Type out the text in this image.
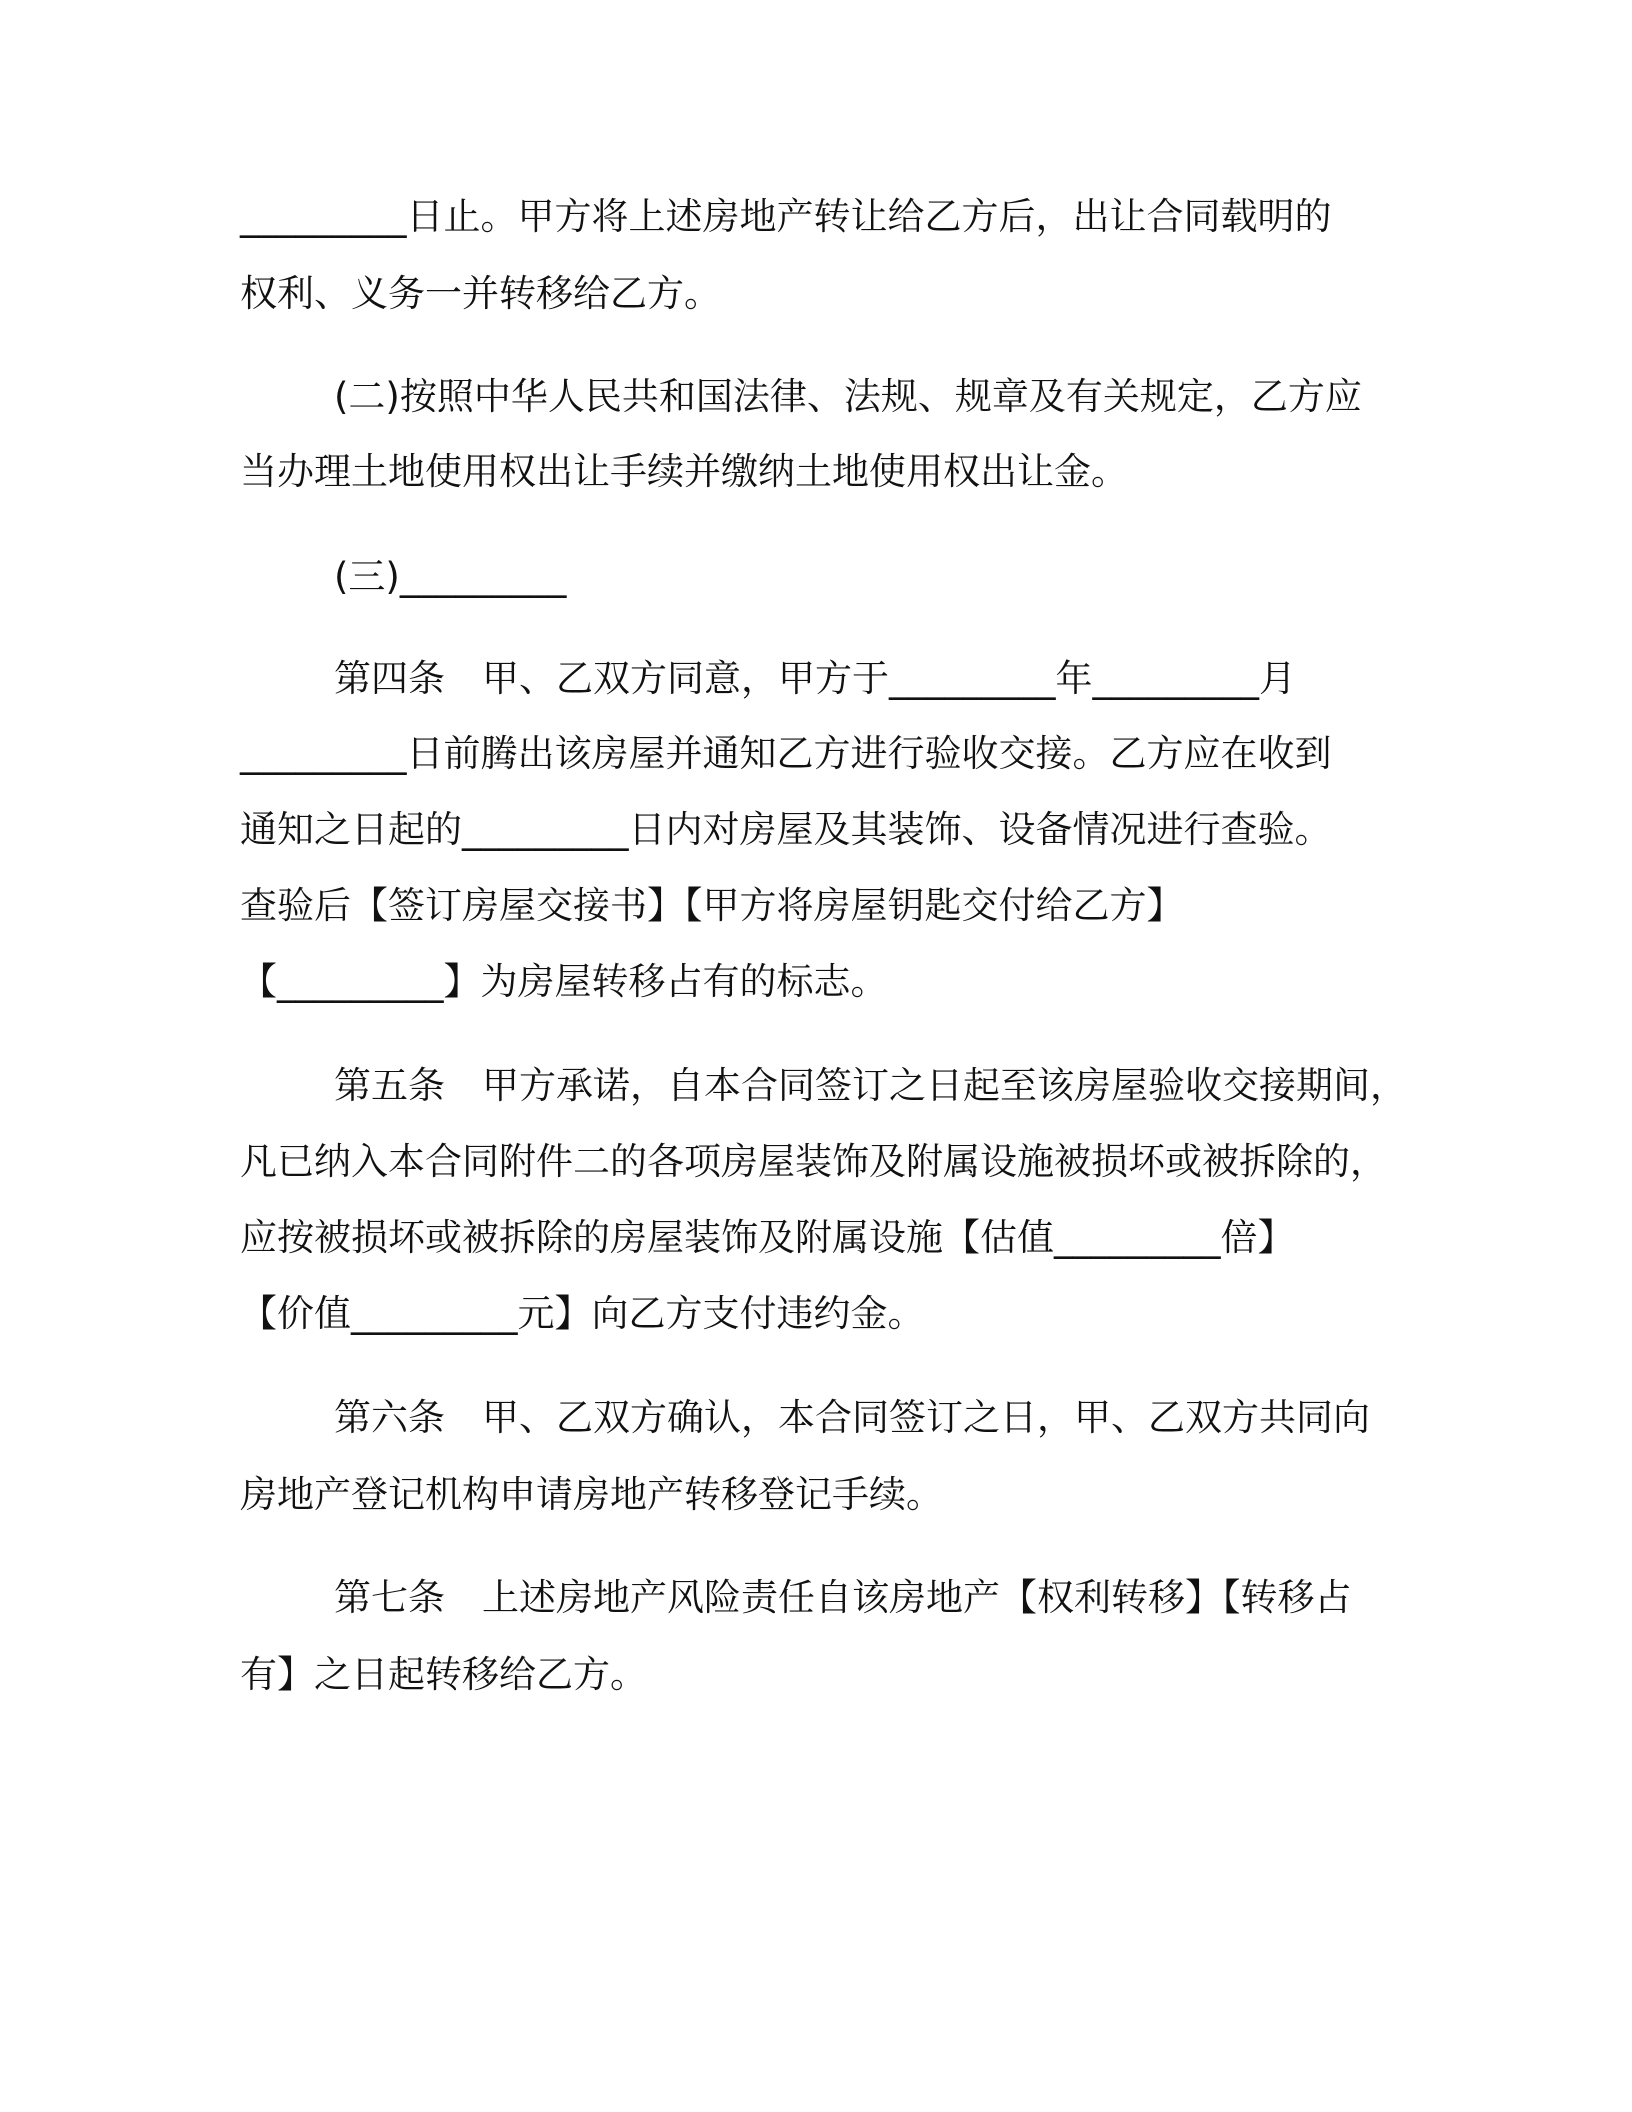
_________日止。甲方将上述房地产转让给乙方后，出让合同载明的
权利、义务一并转移给乙方。
(二)按照中华人民共和国法律、法规、规章及有关规定，乙方应
当办理土地使用权出让手续并缴纳土地使用权出让金。
(三)_________
第四条　甲、乙双方同意，甲方于_________年_________月
_________日前腾出该房屋并通知乙方进行验收交接。乙方应在收到
通知之日起的_________日内对房屋及其装饰、设备情况进行查验。
查验后【签订房屋交接书】【甲方将房屋钥匙交付给乙方】
【_________】为房屋转移占有的标志。
第五条　甲方承诺，自本合同签订之日起至该房屋验收交接期间，
凡已纳入本合同附件二的各项房屋装饰及附属设施被损坏或被拆除的，
应按被损坏或被拆除的房屋装饰及附属设施【估值_________倍】
【价值_________元】向乙方支付违约金。
第六条　甲、乙双方确认，本合同签订之日，甲、乙双方共同向
房地产登记机构申请房地产转移登记手续。
第七条　上述房地产风险责任自该房地产【权利转移】【转移占
有】之日起转移给乙方。
